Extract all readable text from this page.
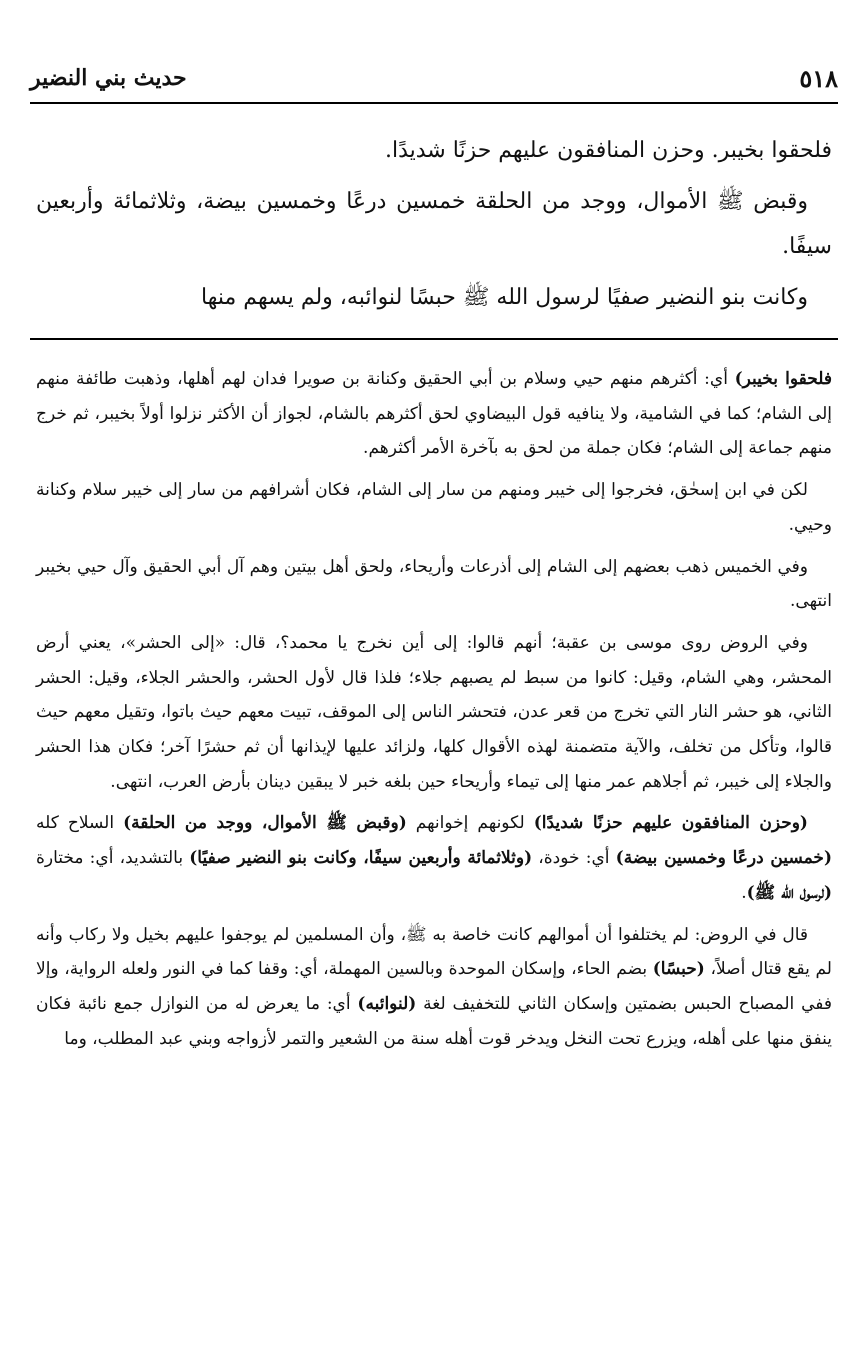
٥١٨
حديث بني النضير

فلحقوا بخيبر. وحزن المنافقون عليهم حزنًا شديدًا.

وقبض ﷺ الأموال، ووجد من الحلقة خمسين درعًا وخمسين بيضة، وثلاثمائة وأربعين سيفًا.

وكانت بنو النضير صفيًا لرسول الله ﷺ حبسًا لنوائبه، ولم يسهم منها

فلحقوا بخيبر) أي: أكثرهم منهم حيي وسلام بن أبي الحقيق وكنانة بن صويرا فدان لهم أهلها، وذهبت طائفة منهم إلى الشام؛ كما في الشامية، ولا ينافيه قول البيضاوي لحق أكثرهم بالشام، لجواز أن الأكثر نزلوا أولاً بخيبر، ثم خرج منهم جماعة إلى الشام؛ فكان جملة من لحق به بآخرة الأمر أكثرهم.

لكن في ابن إسحٰق، فخرجوا إلى خيبر ومنهم من سار إلى الشام، فكان أشرافهم من سار إلى خيبر سلام وكنانة وحيي.

وفي الخميس ذهب بعضهم إلى الشام إلى أذرعات وأريحاء، ولحق أهل بيتين وهم آل أبي الحقيق وآل حيي بخيبر انتهى.

وفي الروض روى موسى بن عقبة؛ أنهم قالوا: إلى أين نخرج يا محمد؟، قال: «إلى الحشر»، يعني أرض المحشر، وهي الشام، وقيل: كانوا من سبط لم يصبهم جلاء؛ فلذا قال لأول الحشر، والحشر الجلاء، وقيل: الحشر الثاني، هو حشر النار التي تخرج من قعر عدن، فتحشر الناس إلى الموقف، تبيت معهم حيث باتوا، وتقيل معهم حيث قالوا، وتأكل من تخلف، والآية متضمنة لهذه الأقوال كلها، ولزائد عليها لإيذانها أن ثم حشرًا آخر؛ فكان هذا الحشر والجلاء إلى خيبر، ثم أجلاهم عمر منها إلى تيماء وأريحاء حين بلغه خبر لا يبقين دينان بأرض العرب، انتهى.

(وحزن المنافقون عليهم حزنًا شديدًا) لكونهم إخوانهم (وقبض ﷺ الأموال، ووجد من الحلقة) السلاح كله (خمسين درعًا وخمسين بيضة) أي: خودة، (وثلاثمائة وأربعين سيفًا، وكانت بنو النضير صفيًا) بالتشديد، أي: مختارة (لرسول الله ﷺ).

قال في الروض: لم يختلفوا أن أموالهم كانت خاصة به ﷺ، وأن المسلمين لم يوجفوا عليهم بخيل ولا ركاب وأنه لم يقع قتال أصلاً، (حبسًا) بضم الحاء، وإسكان الموحدة وبالسين المهملة، أي: وقفا كما في النور ولعله الرواية، وإلا ففي المصباح الحبس بضمتين وإسكان الثاني للتخفيف لغة (لنوائبه) أي: ما يعرض له من النوازل جمع نائبة فكان ينفق منها على أهله، ويزرع تحت النخل ويدخر قوت أهله سنة من الشعير والتمر لأزواجه وبني عبد المطلب، وما
